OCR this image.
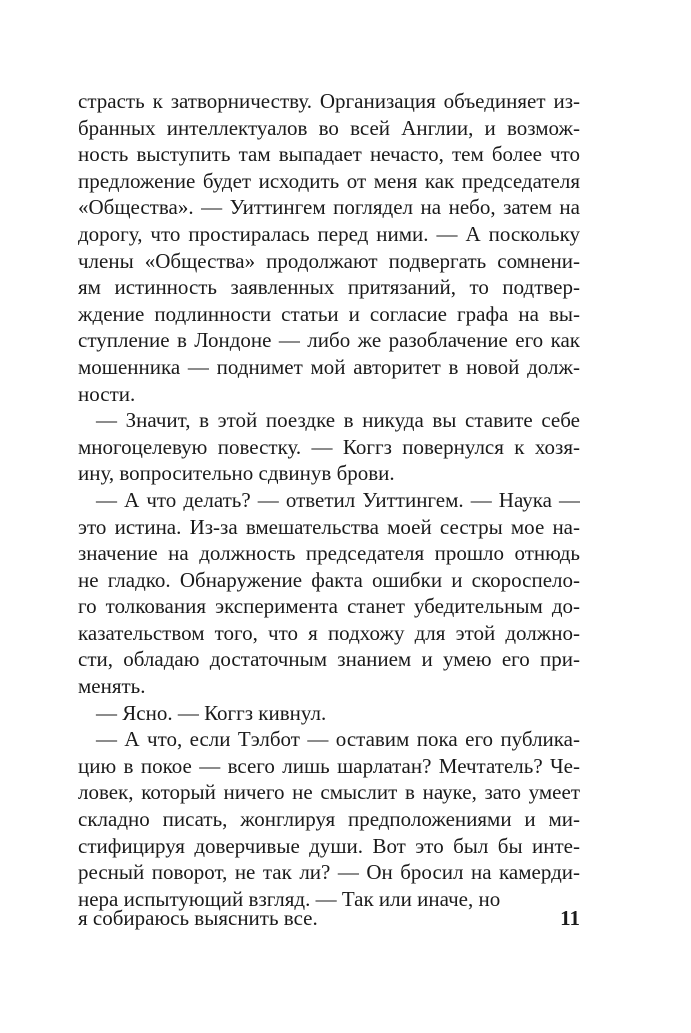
страсть к затворничеству. Организация объединяет из-
бранных интеллектуалов во всей Англии, и возмож-
ность выступить там выпадает нечасто, тем более что
предложение будет исходить от меня как председателя
«Общества». — Уиттингем поглядел на небо, затем на
дорогу, что простиралась перед ними. — А поскольку
члены «Общества» продолжают подвергать сомнени-
ям истинность заявленных притязаний, то подтвер-
ждение подлинности статьи и согласие графа на вы-
ступление в Лондоне — либо же разоблачение его как
мошенника — поднимет мой авторитет в новой долж-
ности.
— Значит, в этой поездке в никуда вы ставите себе
многоцелевую повестку. — Коггз повернулся к хозя-
ину, вопросительно сдвинув брови.
— А что делать? — ответил Уиттингем. — Наука —
это истина. Из-за вмешательства моей сестры мое на-
значение на должность председателя прошло отнюдь
не гладко. Обнаружение факта ошибки и скороспело-
го толкования эксперимента станет убедительным до-
казательством того, что я подхожу для этой должно-
сти, обладаю достаточным знанием и умею его при-
менять.
— Ясно. — Коггз кивнул.
— А что, если Тэлбот — оставим пока его публика-
цию в покое — всего лишь шарлатан? Мечтатель? Че-
ловек, который ничего не смыслит в науке, зато умеет
складно писать, жонглируя предположениями и ми-
стифицируя доверчивые души. Вот это был бы инте-
ресный поворот, не так ли? — Он бросил на камерди-
нера испытующий взгляд. — Так или иначе, но
я собираюсь выяснить все.	11
